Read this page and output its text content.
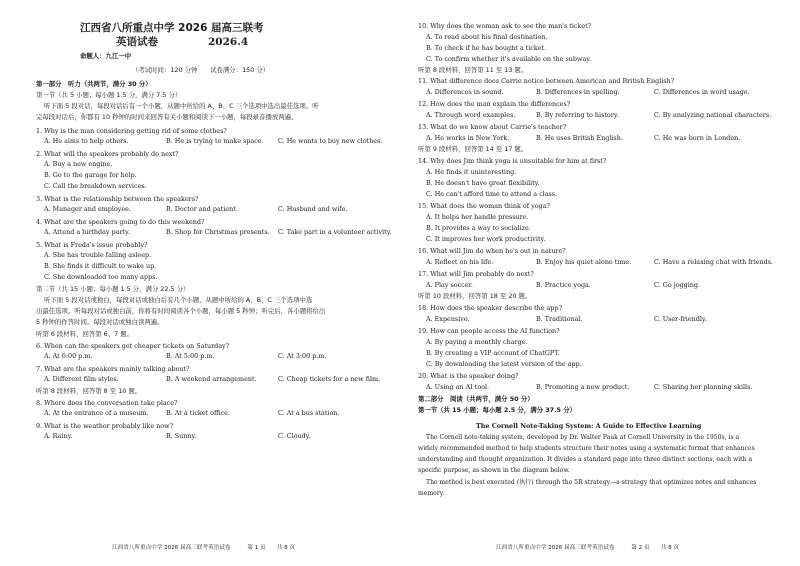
江西省八所重点中学 2026 届高三联考
英语试卷	2026.4
命题人：九江一中
（考试时间：120 分钟　　试卷满分：150 分）
第一部分　听力（共两节，满分 30 分）
第一节（共 5 小题；每小题 1.5 分，满分 7.5 分）
听下面 5 段对话，每段对话后有一个小题，从题中所给的 A、B、C 三个选项中选出最佳选项。听
完每段对话后，你都有 10 秒钟的时间来回答有关小题和阅读下一小题，每段录音播放两遍。
1. Why is the man considering getting rid of some clothes?
A. He aims to help others.	B. He is trying to make space. C. He wants to buy new clothes.
2. What will the speakers probably do next?
A. Buy a new engine.
B. Go to the garage for help.
C. Call the breakdown services.
3. What is the relationship between the speakers?
A. Manager and employee.	B. Doctor and patient.	C. Husband and wife.
4. What are the speakers going to do this weekend?
A. Attend a birthday party.	B. Shop for Christmas presents. C. Take part in a volunteer activity.
5. What is Freda's issue probably?
A. She has trouble falling asleep.
B. She finds it difficult to wake up.
C. She downloaded too many apps.
第二节（共 15 小题；每小题 1.5 分，满分 22.5 分）
听下面 5 段对话或独白，每段对话或独白后有几个小题，从题中所给的 A、B、C 三个选项中选
出最佳选项。听每段对话或独白前，你将有时间阅读各个小题，每小题 5 秒钟；听完后，各小题将给出
5 秒钟的作答时间。每段对话或独白读两遍。
听第 6 段材料，回答第 6、7 题。
6. When can the speakers get cheaper tickets on Saturday?
A. At 6:00 p.m.	B. At 5:00 p.m.	C. At 3:00 p.m.
7. What are the speakers mainly talking about?
A. Different film styles.	B. A weekend arrangement.	C. Cheap tickets for a new film.
听第 8 段材料，回答第 8 至 10 题。
8. Where does the conversation take place?
A. At the entrance of a museum.	B. At a ticket office.	C. At a bus station.
9. What is the weather probably like now?
A. Rainy.	B. Sunny.	C. Cloudy.
10. Why does the woman ask to see the man's ticket?
A. To read about his final destination.
B. To check if he has bought a ticket.
C. To confirm whether it's available on the subway.
听第 8 段材料，回答第 11 至 13 题。
11. What difference does Carrie notice between American and British English?
A. Differences in sound.	B. Differences in spelling.	C. Differences in word usage.
12. How does the man explain the differences?
A. Through word examples.	B. By referring to history.	C. By analyzing national characters.
13. What do we know about Carrie's teacher?
A. He works in New York.	B. He uses British English.	C. He was born in London.
听第 9 段材料，回答第 14 至 17 题。
14. Why does Jim think yoga is unsuitable for him at first?
A. He finds it uninteresting.
B. He doesn't have great flexibility.
C. He can't afford time to attend a class.
15. What does the woman think of yoga?
A. It helps her handle pressure.
B. It provides a way to socialize.
C. It improves her work productivity.
16. What will Jim do when he's out in nature?
A. Reflect on his life.	B. Enjoy his quiet alone time.	C. Have a relaxing chat with friends.
17. What will Jim probably do next?
A. Play soccer.	B. Practice yoga.	C. Go jogging.
听第 10 段材料，回答第 18 至 20 题。
18. How does the speaker describe the app?
A. Expensive.	B. Traditional.	C. User-friendly.
19. How can people access the AI function?
A. By paying a monthly charge.
B. By creating a VIP account of ChatGPT.
C. By downloading the latest version of the app.
20. What is the speaker doing?
A. Using an AI tool.	B. Promoting a new product.	C. Sharing her planning skills.
第二部分　阅读（共两节，满分 50 分）
第一节（共 15 小题；每小题 2.5 分，满分 37.5 分）
The Cornell Note-Taking System: A Guide to Effective Learning
The Cornell note-taking system, developed by Dr. Walter Pauk at Cornell University in the 1950s, is a
widely recommended method to help students structure their notes using a systematic format that enhances
understanding and thought organization. It divides a standard page into three distinct sections, each with a
specific purpose, as shown in the diagram below.
The method is best executed (执行) through the 5R strategy—a strategy that optimizes notes and enhances
memory.
江西省八所重点中学 2026 届高三联考英语试卷　　　第 1 页　　共 8 页	江西省八所重点中学 2026 届高三联考英语试卷　　　第 2 页　　共 8 页
